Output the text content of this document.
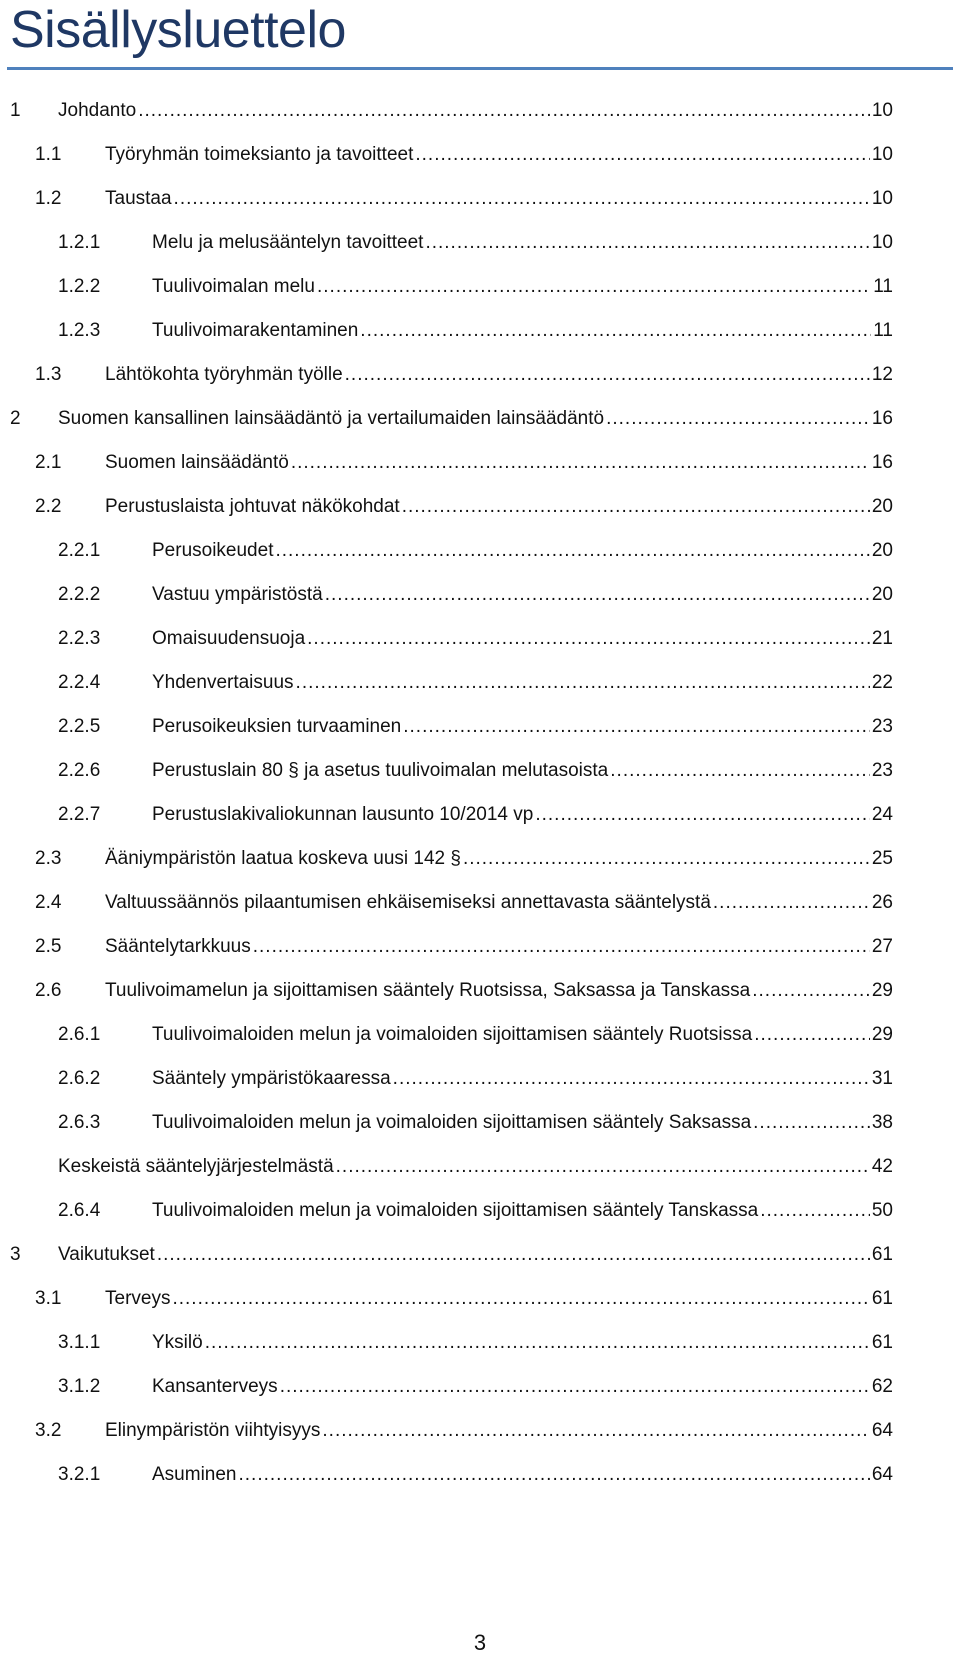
Sisällysluettelo
1	Johdanto .....	10
1.1	Työryhmän toimeksianto ja tavoitteet .....	10
1.2	Taustaa .....	10
1.2.1	Melu ja melusääntelyn tavoitteet .....	10
1.2.2	Tuulivoimalan melu .....	11
1.2.3	Tuulivoimarakentaminen .....	11
1.3	Lähtökohta työryhmän työlle .....	12
2	Suomen kansallinen lainsäädäntö ja vertailumaiden lainsäädäntö .....	16
2.1	Suomen lainsäädäntö .....	16
2.2	Perustuslaista johtuvat näkökohdat .....	20
2.2.1	Perusoikeudet .....	20
2.2.2	Vastuu ympäristöstä .....	20
2.2.3	Omaisuudensuoja .....	21
2.2.4	Yhdenvertaisuus .....	22
2.2.5	Perusoikeuksien turvaaminen .....	23
2.2.6	Perustuslain 80 § ja asetus tuulivoimalan melutasoista .....	23
2.2.7	Perustuslakivaliokunnan lausunto 10/2014 vp .....	24
2.3	Ääniympäristön laatua koskeva uusi 142 § .....	25
2.4	Valtuussäännös pilaantumisen ehkäisemiseksi annettavasta sääntelystä .....	26
2.5	Sääntelytarkkuus .....	27
2.6	Tuulivoimamelun ja sijoittamisen sääntely Ruotsissa, Saksassa ja Tanskassa .....	29
2.6.1	Tuulivoimaloiden melun ja voimaloiden sijoittamisen sääntely Ruotsissa .....	29
2.6.2	Sääntely ympäristökaaressa .....	31
2.6.3	Tuulivoimaloiden melun ja voimaloiden sijoittamisen sääntely Saksassa .....	38
Keskeistä sääntelyjärjestelmästä .....	42
2.6.4	Tuulivoimaloiden melun ja voimaloiden sijoittamisen sääntely Tanskassa .....	50
3	Vaikutukset .....	61
3.1	Terveys .....	61
3.1.1	Yksilö .....	61
3.1.2	Kansanterveys .....	62
3.2	Elinympäristön viihtyisyys .....	64
3.2.1	Asuminen .....	64
3
